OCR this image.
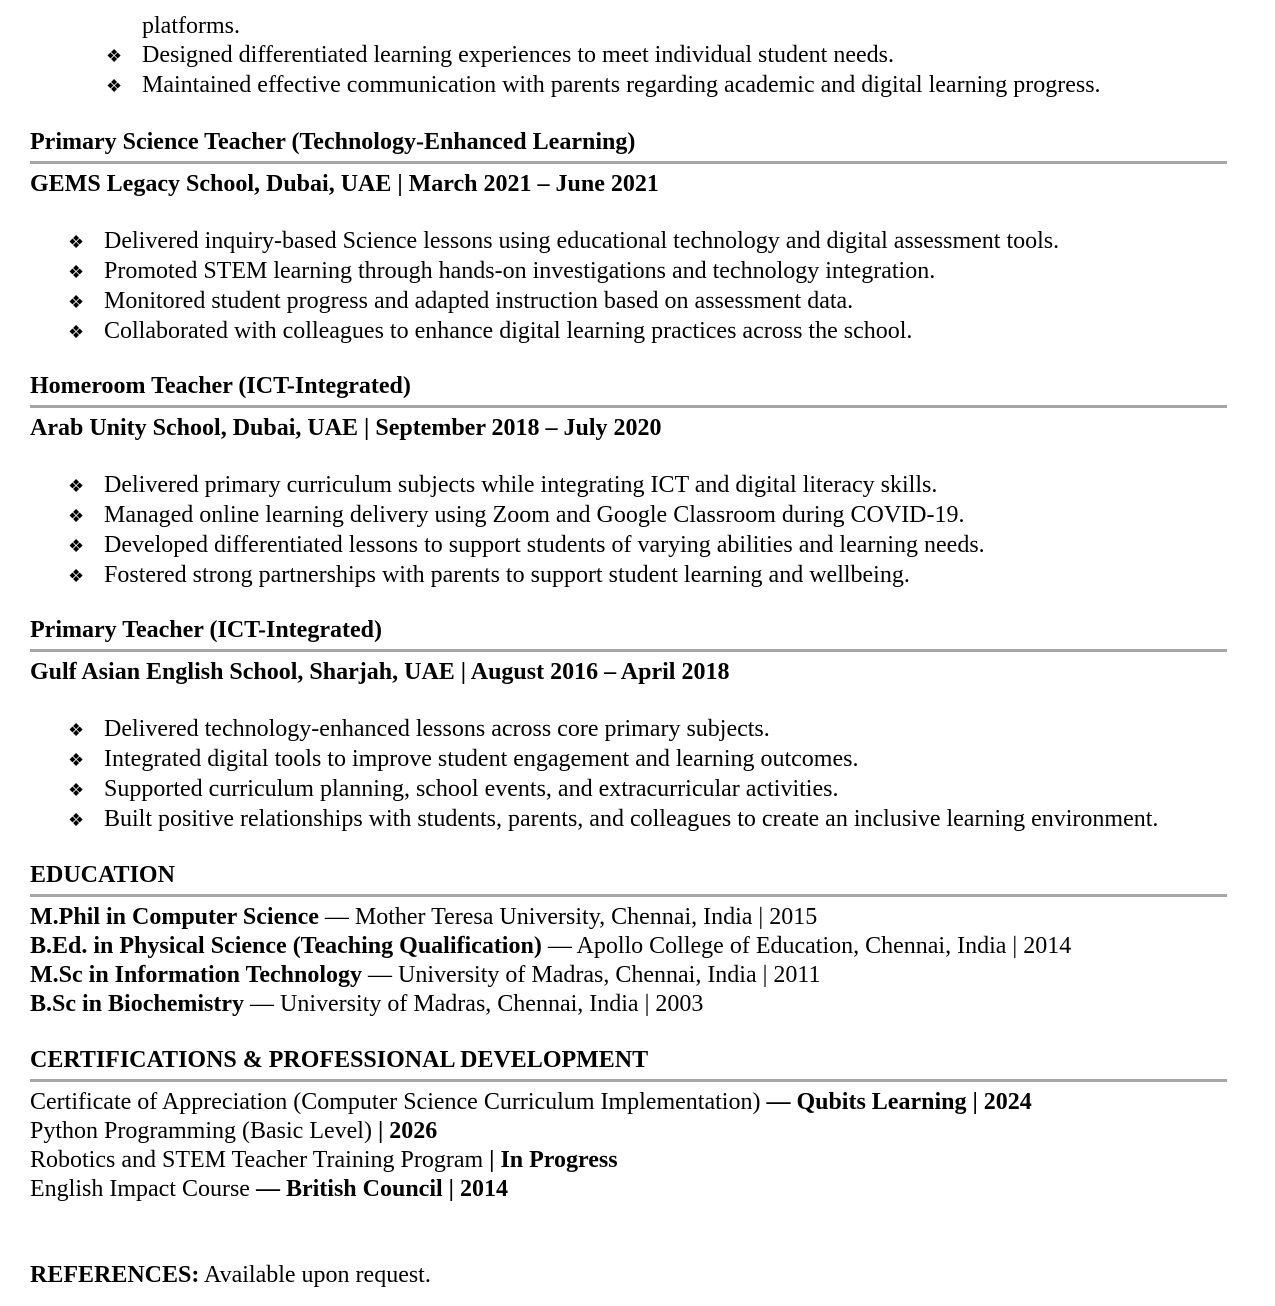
platforms.
❖ Designed differentiated learning experiences to meet individual student needs.
❖ Maintained effective communication with parents regarding academic and digital learning progress.
Primary Science Teacher (Technology-Enhanced Learning)
GEMS Legacy School, Dubai, UAE | March 2021 – June 2021
❖ Delivered inquiry-based Science lessons using educational technology and digital assessment tools.
❖ Promoted STEM learning through hands-on investigations and technology integration.
❖ Monitored student progress and adapted instruction based on assessment data.
❖ Collaborated with colleagues to enhance digital learning practices across the school.
Homeroom Teacher (ICT-Integrated)
Arab Unity School, Dubai, UAE | September 2018 – July 2020
❖ Delivered primary curriculum subjects while integrating ICT and digital literacy skills.
❖ Managed online learning delivery using Zoom and Google Classroom during COVID-19.
❖ Developed differentiated lessons to support students of varying abilities and learning needs.
❖ Fostered strong partnerships with parents to support student learning and wellbeing.
Primary Teacher (ICT-Integrated)
Gulf Asian English School, Sharjah, UAE | August 2016 – April 2018
❖ Delivered technology-enhanced lessons across core primary subjects.
❖ Integrated digital tools to improve student engagement and learning outcomes.
❖ Supported curriculum planning, school events, and extracurricular activities.
❖ Built positive relationships with students, parents, and colleagues to create an inclusive learning environment.
EDUCATION
M.Phil in Computer Science — Mother Teresa University, Chennai, India | 2015
B.Ed. in Physical Science (Teaching Qualification) — Apollo College of Education, Chennai, India | 2014
M.Sc in Information Technology — University of Madras, Chennai, India | 2011
B.Sc in Biochemistry — University of Madras, Chennai, India | 2003
CERTIFICATIONS & PROFESSIONAL DEVELOPMENT
Certificate of Appreciation (Computer Science Curriculum Implementation) — Qubits Learning | 2024
Python Programming (Basic Level) | 2026
Robotics and STEM Teacher Training Program | In Progress
English Impact Course — British Council | 2014
REFERENCES: Available upon request.
